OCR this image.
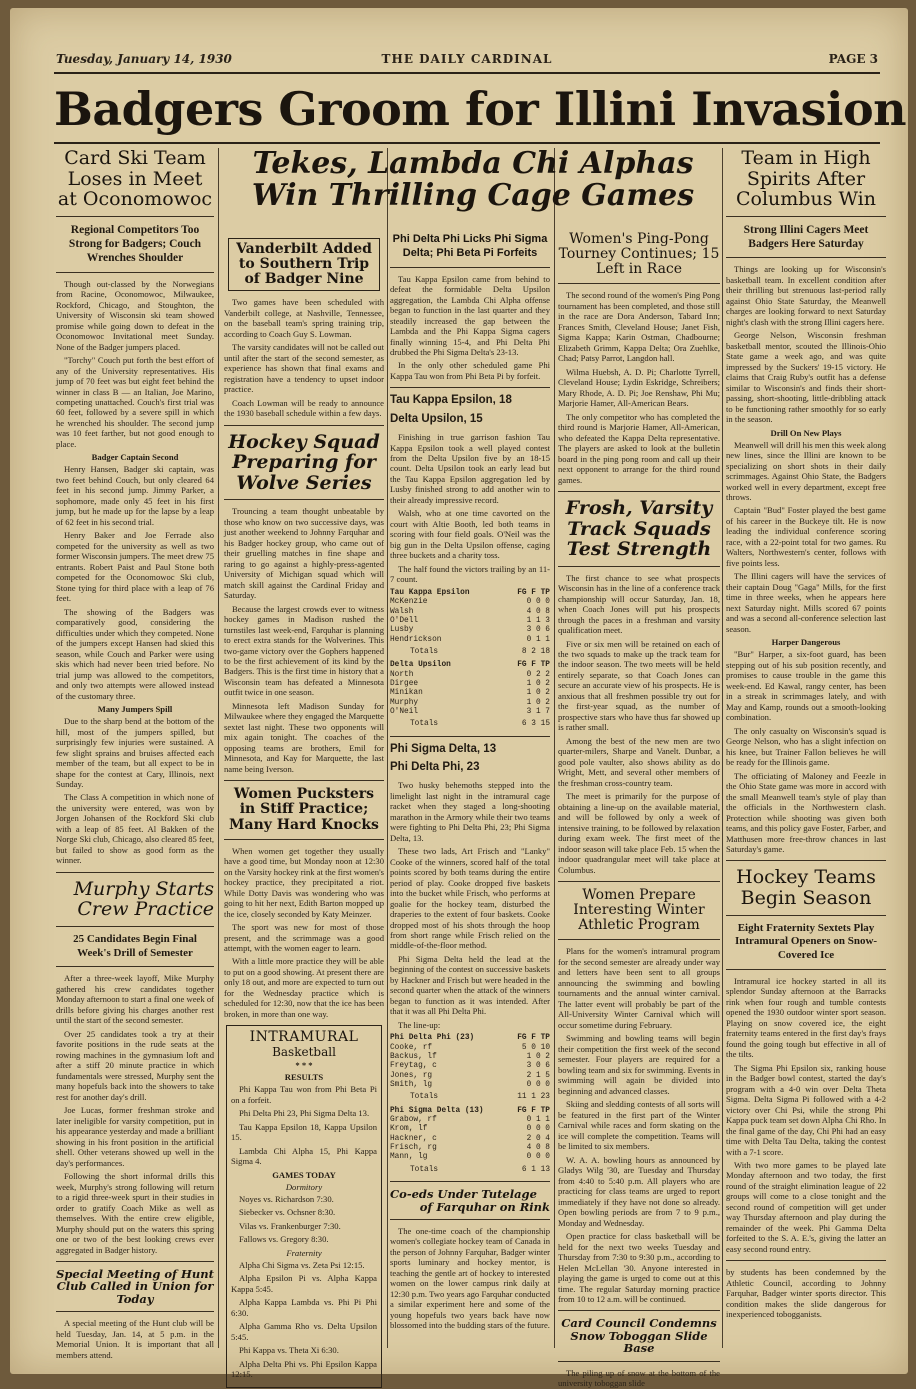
Tuesday, January 14, 1930	THE DAILY CARDINAL	PAGE 3
Badgers Groom for Illini Invasion
Card Ski Team Loses in Meet at Oconomowoc
Regional Competitors Too Strong for Badgers; Couch Wrenches Shoulder

Though out-classed by the Norwegians from Racine, Oconomowoc, Milwaukee, Rockford, Chicago, and Stoughton, the University of Wisconsin ski team showed promise while going down to defeat in the Oconomowoc Invitational meet Sunday. None of the Badger jumpers placed.

"Torchy" Couch put forth the best effort of any of the University representatives. His jump of 70 feet was but eight feet behind the winner in class B — an Italian, Joe Marino, competing unattached. Couch's first trial was 60 feet, followed by a severe spill in which he wrenched his shoulder. The second jump was 10 feet farther, but not good enough to place.

Badger Captain Second

Henry Hansen, Badger ski captain, was two feet behind Couch, but only cleared 64 feet in his second jump. Jimmy Parker, a sophomore, made only 45 feet in his first jump, but he made up for the lapse by a leap of 62 feet in his second trial.

Henry Baker and Joe Ferrade also competed for the university as well as two former Wisconsin jumpers. The meet drew 75 entrants. Robert Paist and Paul Stone both competed for the Oconomowoc Ski club, Stone tying for third place with a leap of 76 feet.

The showing of the Badgers was comparatively good, considering the difficulties under which they competed. None of the jumpers except Hansen had skied this season, while Couch and Parker were using skis which had never been tried before. No trial jump was allowed to the competitors, and only two attempts were allowed instead of the customary three.

Many Jumpers Spill

Due to the sharp bend at the bottom of the hill, most of the jumpers spilled, but surprisingly few injuries were sustained. A few slight sprains and bruises affected each member of the team, but all expect to be in shape for the contest at Cary, Illinois, next Sunday.

The Class A competition in which none of the university were entered, was won by Jorgen Johansen of the Rockford Ski club with a leap of 85 feet. Al Bakken of the Norge Ski club, Chicago, also cleared 85 feet, but failed to show as good form as the winner.

Murphy Starts Crew Practice
25 Candidates Begin Final Week's Drill of Semester

After a three-week layoff, Mike Murphy gathered his crew candidates together Monday afternoon to start a final one week of drills before giving his charges another rest until the start of the second semester.

Over 25 candidates took a try at their favorite positions in the rude seats at the rowing machines in the gymnasium loft and after a stiff 20 minute practice in which fundamentals were stressed, Murphy sent the many hopefuls back into the showers to take rest for another day's drill.

Joe Lucas, former freshman stroke and later ineligible for varsity competition, put in his appearance yesterday and made a brilliant showing in his front position in the artificial shell. Other veterans showed up well in the day's performances.

Following the short informal drills this week, Murphy's strong following will return to a rigid three-week spurt in their studies in order to gratify Coach Mike as well as themselves. With the entire crew eligible, Murphy should put on the waters this spring one or two of the best looking crews ever aggregated in Badger history.

Special Meeting of Hunt Club Called in Union for Today

A special meeting of the Hunt club will be held Tuesday, Jan. 14, at 5 p.m. in the Memorial Union. It is important that all members attend.

Tekes, Lambda Chi Alphas Win Thrilling Cage Games
Vanderbilt Added to Southern Trip of Badger Nine

Two games have been scheduled with Vanderbilt college, at Nashville, Tennessee, on the baseball team's spring training trip, according to Coach Guy S. Lowman.

The varsity candidates will not be called out until after the start of the second semester, as experience has shown that final exams and registration have a tendency to upset indoor practice.

Coach Lowman will be ready to announce the 1930 baseball schedule within a few days.

Hockey Squad Preparing for Wolve Series

Trouncing a team thought unbeatable by those who know on two successive days, was just another weekend to Johnny Farquhar and his Badger hockey group, who came out of their gruelling matches in fine shape and raring to go against a highly-press-agented University of Michigan squad which will match skill against the Cardinal Friday and Saturday.

Because the largest crowds ever to witness hockey games in Madison rushed the turnstiles last week-end, Farquhar is planning to erect extra stands for the Wolverines. This two-game victory over the Gophers happened to be the first achievement of its kind by the Badgers. This is the first time in history that a Wisconsin team has defeated a Minnesota outfit twice in one season.

Minnesota left Madison Sunday for Milwaukee where they engaged the Marquette sextet last night. These two opponents will mix again tonight. The coaches of the opposing teams are brothers, Emil for Minnesota, and Kay for Marquette, the last name being Iverson.

Women Pucksters in Stiff Practice; Many Hard Knocks

When women get together they usually have a good time, but Monday noon at 12:30 on the Varsity hockey rink at the first women's hockey practice, they precipitated a riot. While Dotty Davis was wondering who was going to hit her next, Edith Barton mopped up the ice, closely seconded by Katy Meinzer.

The sport was new for most of those present, and the scrimmage was a good attempt, with the women eager to learn.

With a little more practice they will be able to put on a good showing. At present there are only 18 out, and more are expected to turn out for the Wednesday practice which is scheduled for 12:30, now that the ice has been broken, in more than one way.

INTRAMURAL
Basketball
* * *
RESULTS

Phi Kappa Tau won from Phi Beta Pi on a forfeit.

Phi Delta Phi 23, Phi Sigma Delta 13.

Tau Kappa Epsilon 18, Kappa Upsilon 15.

Lambda Chi Alpha 15, Phi Kappa Sigma 4.

GAMES TODAY
Dormitory

Noyes vs. Richardson 7:30.

Siebecker vs. Ochsner 8:30.

Vilas vs. Frankenburger 7:30.

Fallows vs. Gregory 8:30.

Fraternity

Alpha Chi Sigma vs. Zeta Psi 12:15.

Alpha Epsilon Pi vs. Alpha Kappa Kappa 5:45.

Alpha Kappa Lambda vs. Phi Pi Phi 6:30.

Alpha Gamma Rho vs. Delta Upsilon 5:45.

Phi Kappa vs. Theta Xi 6:30.

Alpha Delta Phi vs. Phi Epsilon Kappa 12:15.

Phi Delta Phi Licks Phi Sigma Delta; Phi Beta Pi Forfeits

Tau Kappa Epsilon came from behind to defeat the formidable Delta Upsilon aggregation, the Lambda Chi Alpha offense began to function in the last quarter and they steadily increased the gap between the Lambda and the Phi Kappa Sigma cagers finally winning 15-4, and Phi Delta Phi drubbed the Phi Sigma Delta's 23-13.

In the only other scheduled game Phi Kappa Tau won from Phi Beta Pi by forfeit.

Tau Kappa Epsilon, 18
Delta Upsilon, 15

Finishing in true garrison fashion Tau Kappa Epsilon took a well played contest from the Delta Upsilon five by an 18-15 count. Delta Upsilon took an early lead but the Tau Kappa Epsilon aggregation led by Lusby finished strong to add another win to their already impressive record.

Walsh, who at one time cavorted on the court with Altie Booth, led both teams in scoring with four field goals. O'Neil was the big gun in the Delta Upsilon offense, caging three buckets and a charity toss.

The half found the victors trailing by an 11-7 count.

Tau Kappa Epsilon	FG F TP
McKenzie	0 0 0
Walsh	4 0 8
O'Dell	1 1 3
Lusby	3 0 6
Hendrickson	0 1 1
Totals	8 2 18
Delta Upsilon	FG F TP
North	0 2 2
Dirgee	1 0 2
Minikan	1 0 2
Murphy	1 0 2
O'Neil	3 1 7
Totals	6 3 15
Phi Sigma Delta, 13
Phi Delta Phi, 23

Two husky behemoths stepped into the limelight last night in the intramural cage racket when they staged a long-shooting marathon in the Armory while their two teams were fighting to Phi Delta Phi, 23; Phi Sigma Delta, 13.

These two lads, Art Frisch and "Lanky" Cooke of the winners, scored half of the total points scored by both teams during the entire period of play. Cooke dropped five baskets into the bucket while Frisch, who performs at goalie for the hockey team, disturbed the draperies to the extent of four baskets. Cooke dropped most of his shots through the hoop from short range while Frisch relied on the middle-of-the-floor method.

Phi Sigma Delta held the lead at the beginning of the contest on successive baskets by Hackner and Frisch but were headed in the second quarter when the attack of the winners began to function as it was intended. After that it was all Phi Delta Phi.

The line-up:

Phi Delta Phi (23)	FG F TP
Cooke, rf	5 0 10
Backus, lf	1 0 2
Freytag, c	3 0 6
Jones, rg	2 1 5
Smith, lg	0 0 0
Totals	11 1 23
Phi Sigma Delta (13)	FG F TP
Grabow, rf	0 1 1
Krom, lf	0 0 0
Hackner, c	2 0 4
Frisch, rg	4 0 8
Mann, lg	0 0 0
Totals	6 1 13
Co-eds Under Tutelage
of Farquhar on Rink

The one-time coach of the championship women's collegiate hockey team of Canada in the person of Johnny Farquhar, Badger winter sports luminary and hockey mentor, is teaching the gentle art of hockey to interested women on the lower campus rink daily at 12:30 p.m. Two years ago Farquhar conducted a similar experiment here and some of the young hopefuls two years back have now blossomed into the budding stars of the future.

Women's Ping-Pong Tourney Continues; 15 Left in Race

The second round of the women's Ping Pong tournament has been completed, and those still in the race are Dora Anderson, Tabard Inn; Frances Smith, Cleveland House; Janet Fish, Sigma Kappa; Karin Ostman, Chadbourne; Elizabeth Grimm, Kappa Delta; Ora Zuehlke, Chad; Patsy Parrot, Langdon hall.

Wilma Huebsh, A. D. Pi; Charlotte Tyrrell, Cleveland House; Lydin Eskridge, Schreibers; Mary Rhode, A. D. Pi; Joe Renshaw, Phi Mu; Marjorie Hamer, All-American Bears.

The only competitor who has completed the third round is Marjorie Hamer, All-American, who defeated the Kappa Delta representative. The players are asked to look at the bulletin board in the ping pong room and call up their next opponent to arrange for the third round games.

Frosh, Varsity Track Squads Test Strength

The first chance to see what prospects Wisconsin has in the line of a conference track championship will occur Saturday, Jan. 18, when Coach Jones will put his prospects through the paces in a freshman and varsity qualification meet.

Five or six men will be retained on each of the two squads to make up the track team for the indoor season. The two meets will be held entirely separate, so that Coach Jones can secure an accurate view of his prospects. He is anxious that all freshmen possible try out for the first-year squad, as the number of prospective stars who have thus far showed up is rather small.

Among the best of the new men are two quarter-milers, Sharpe and Vanelt. Dunbar, a good pole vaulter, also shows ability as do Wright, Mett, and several other members of the freshman cross-country team.

The meet is primarily for the purpose of obtaining a line-up on the available material, and will be followed by only a week of intensive training, to be followed by relaxation during exam week. The first meet of the indoor season will take place Feb. 15 when the indoor quadrangular meet will take place at Columbus.

Women Prepare Interesting Winter Athletic Program

Plans for the women's intramural program for the second semester are already under way and letters have been sent to all groups announcing the swimming and bowling tournaments and the annual winter carnival. The latter event will probably be part of the All-University Winter Carnival which will occur sometime during February.

Swimming and bowling teams will begin their competition the first week of the second semester. Four players are required for a bowling team and six for swimming. Events in swimming will again be divided into beginning and advanced classes.

Skiing and sledding contests of all sorts will be featured in the first part of the Winter Carnival while races and form skating on the ice will complete the competition. Teams will be limited to six members.

W. A. A. bowling hours as announced by Gladys Wilg '30, are Tuesday and Thursday from 4:40 to 5:40 p.m. All players who are practicing for class teams are urged to report immediately if they have not done so already. Open bowling periods are from 7 to 9 p.m., Monday and Wednesday.

Open practice for class basketball will be held for the next two weeks Tuesday and Thursday from 7:30 to 9:30 p.m., according to Helen McLellan '30. Anyone interested in playing the game is urged to come out at this time. The regular Saturday morning practice from 10 to 12 a.m. will be continued.

Card Council Condemns
Snow Toboggan Slide Base

The piling up of snow at the bottom of the university toboggan slide

Team in High Spirits After Columbus Win
Strong Illini Cagers Meet Badgers Here Saturday

Things are looking up for Wisconsin's basketball team. In excellent condition after their thrilling but strenuous last-period rally against Ohio State Saturday, the Meanwell charges are looking forward to next Saturday night's clash with the strong Illini cagers here.

George Nelson, Wisconsin freshman basketball mentor, scouted the Illinois-Ohio State game a week ago, and was quite impressed by the Suckers' 19-15 victory. He claims that Craig Ruby's outfit has a defense similar to Wisconsin's and finds their short-passing, short-shooting, little-dribbling attack to be functioning rather smoothly for so early in the season.

Drill On New Plays

Meanwell will drill his men this week along new lines, since the Illini are known to be specializing on short shots in their daily scrimmages. Against Ohio State, the Badgers worked well in every department, except free throws.

Captain "Bud" Foster played the best game of his career in the Buckeye tilt. He is now leading the individual conference scoring race, with a 22-point total for two games. Ru Walters, Northwestern's center, follows with five points less.

The Illini cagers will have the services of their captain Doug "Gaga" Mills, for the first time in three weeks, when he appears here next Saturday night. Mills scored 67 points and was a second all-conference selection last season.

Harper Dangerous

"Bur" Harper, a six-foot guard, has been stepping out of his sub position recently, and promises to cause trouble in the game this week-end. Ed Kawal, rangy center, has been in a streak in scrimmages lately, and with May and Kamp, rounds out a smooth-looking combination.

The only casualty on Wisconsin's squad is George Nelson, who has a slight infection on his knee, but Trainer Fallon believes he will be ready for the Illinois game.

The officiating of Maloney and Feezle in the Ohio State game was more in accord with the small Meanwell team's style of play than the officials in the Northwestern clash. Protection while shooting was given both teams, and this policy gave Foster, Farber, and Matthusen more free-throw chances in last Saturday's game.

Hockey Teams Begin Season
Eight Fraternity Sextets Play Intramural Openers on Snow-Covered Ice

Intramural ice hockey started in all its splendor Sunday afternoon at the Barracks rink when four rough and tumble contests opened the 1930 outdoor winter sport season. Playing on snow covered ice, the eight fraternity teams entered in the first day's frays found the going tough but effective in all of the tilts.

The Sigma Phi Epsilon six, ranking house in the Badger bowl contest, started the day's program with a 4-0 win over Delta Theta Sigma. Delta Sigma Pi followed with a 4-2 victory over Chi Psi, while the strong Phi Kappa puck team set down Alpha Chi Rho. In the final game of the day, Chi Phi had an easy time with Delta Tau Delta, taking the contest with a 7-1 score.

With two more games to be played late Monday afternoon and two today, the first round of the straight elimination league of 22 groups will come to a close tonight and the second round of competition will get under way Thursday afternoon and play during the remainder of the week. Phi Gamma Delta forfeited to the S. A. E.'s, giving the latter an easy second round entry.

by students has been condemned by the Athletic Council, according to Johnny Farquhar, Badger winter sports director. This condition makes the slide dangerous for inexperienced tobogganists.
